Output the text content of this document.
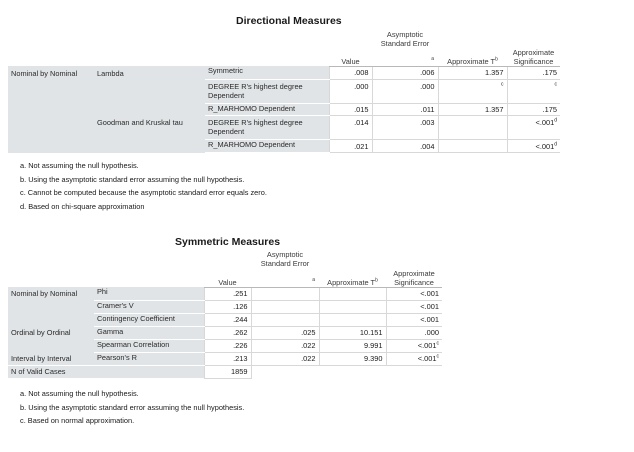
Directional Measures
			Value	Asymptotic Standard Error
a	Approximate $T^b$	Approximate Significance
Nominal by Nominal	Lambda	Symmetric	.008	.006	1.357	.175
		DEGREE R's highest degree Dependent	.000	.000	$^c$	$^c$
		R_MARHOMO Dependent	.015	.011	1.357	.175

	Goodman and Kruskal tau	DEGREE R's highest degree Dependent	.014	.003		<.001$^d$
		R_MARHOMO Dependent	.021	.004		<.001$^d$
a. Not assuming the null hypothesis.
b. Using the asymptotic standard error assuming the null hypothesis.
c. Cannot be computed because the asymptotic standard error equals zero.
d. Based on chi-square approximation
Symmetric Measures
		Value	Asymptotic Standard Error
a	Approximate $T^b$	Approximate Significance
Nominal by Nominal	Phi	.251			<.001
	Cramer's V	.126			<.001
	Contingency Coefficient	.244			<.001
Ordinal by Ordinal	Gamma	.262	.025	10.151	.000
	Spearman Correlation	.226	.022	9.991	<.001$^c$
Interval by Interval	Pearson's R	.213	.022	9.390	<.001$^c$
N of Valid Cases		1859			
a. Not assuming the null hypothesis.
b. Using the asymptotic standard error assuming the null hypothesis.
c. Based on normal approximation.
